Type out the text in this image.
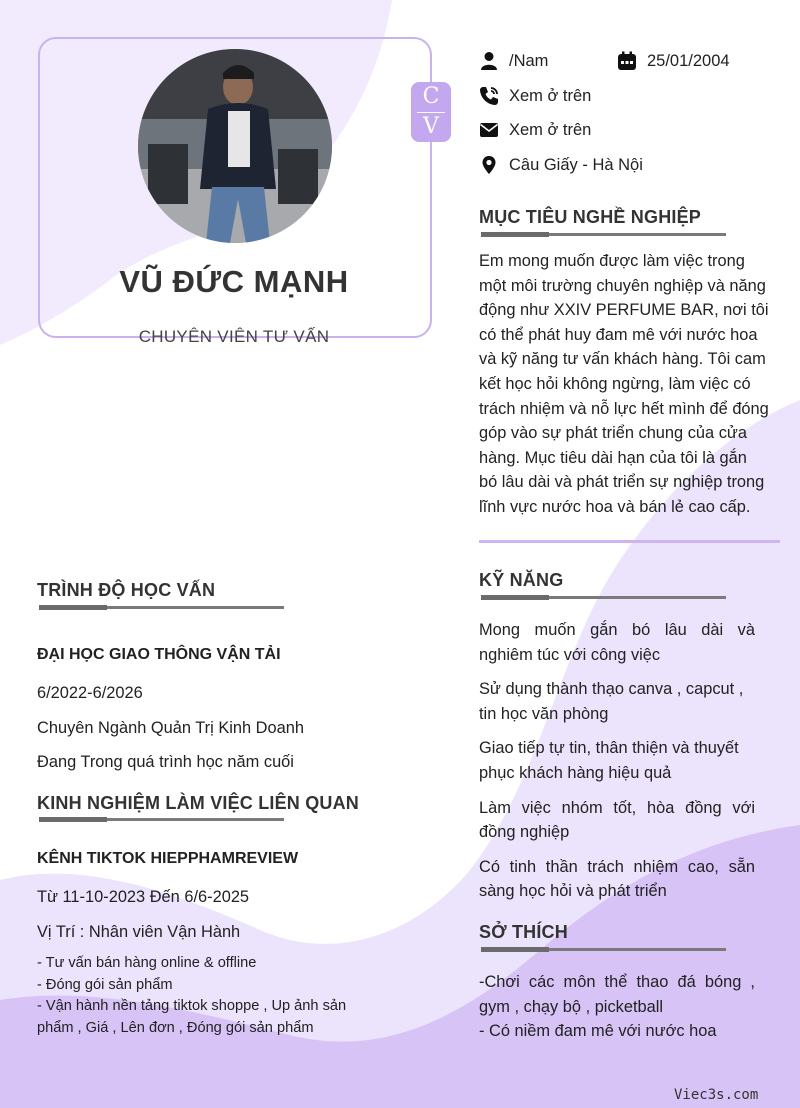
VŨ ĐỨC MẠNH
CHUYÊN VIÊN TƯ VẤN
C
V
/Nam	25/01/2004
Xem ở trên
Xem ở trên
Câu Giấy - Hà Nội
MỤC TIÊU NGHỀ NGHIỆP
Em mong muốn được làm việc trong
một môi trường chuyên nghiệp và năng
động như XXIV PERFUME BAR, nơi tôi
có thể phát huy đam mê với nước hoa
và kỹ năng tư vấn khách hàng. Tôi cam
kết học hỏi không ngừng, làm việc có
trách nhiệm và nỗ lực hết mình để đóng
góp vào sự phát triển chung của cửa
hàng. Mục tiêu dài hạn của tôi là gắn
bó lâu dài và phát triển sự nghiệp trong
lĩnh vực nước hoa và bán lẻ cao cấp.
TRÌNH ĐỘ HỌC VẤN
ĐẠI HỌC GIAO THÔNG VẬN TẢI
6/2022-6/2026
Chuyên Ngành Quản Trị Kinh Doanh
Đang Trong quá trình học năm cuối
KINH NGHIỆM LÀM VIỆC LIÊN QUAN
KÊNH TIKTOK HIEPPHAMREVIEW
Từ 11-10-2023 Đến 6/6-2025
Vị Trí : Nhân viên Vận Hành
- Tư vấn bán hàng online & offline
- Đóng gói sản phẩm
- Vận hành nền tảng tiktok shoppe , Up ảnh sản
phẩm , Giá , Lên đơn , Đóng gói sản phẩm
KỸ NĂNG
Mong muốn gắn bó lâu dài và
nghiêm túc với công việc
Sử dụng thành thạo canva , capcut ,
tin học văn phòng
Giao tiếp tự tin, thân thiện và thuyết
phục khách hàng hiệu quả
Làm việc nhóm tốt, hòa đồng với
đồng nghiệp
Có tinh thần trách nhiệm cao, sẵn
sàng học hỏi và phát triển
SỞ THÍCH
-Chơi các môn thể thao đá bóng ,
gym , chạy bộ , picketball
- Có niềm đam mê với nước hoa
Viec3s.com
